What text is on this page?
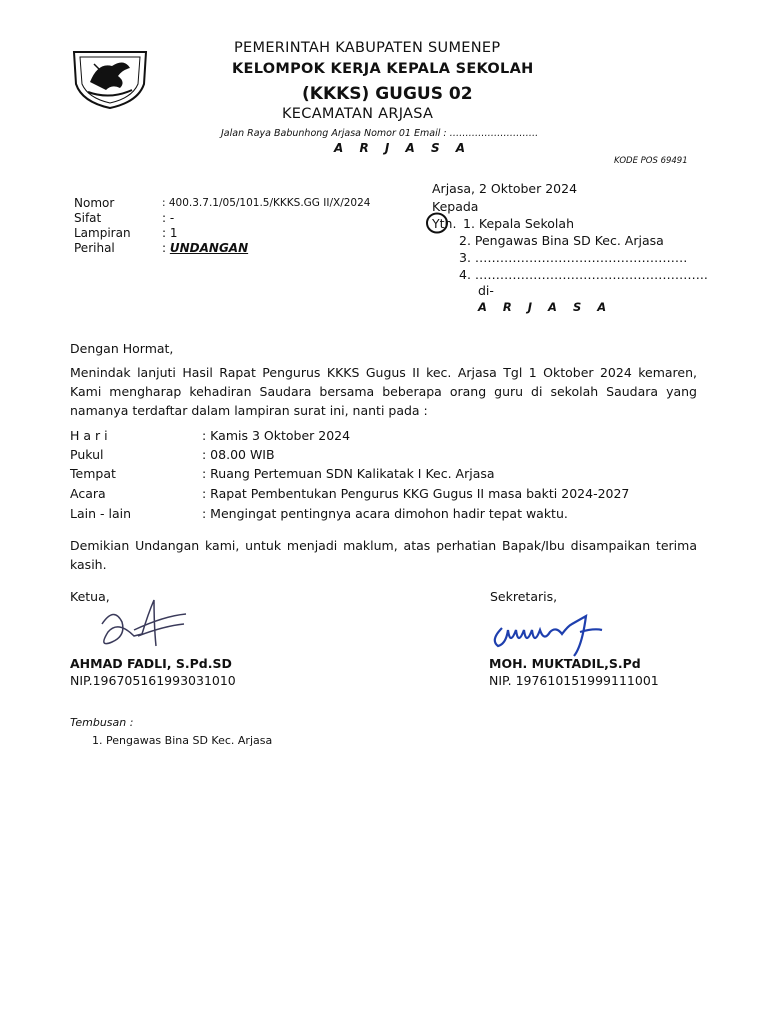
PEMERINTAH KABUPATEN SUMENEP
KELOMPOK KERJA KEPALA SEKOLAH
(KKKS) GUGUS 02
KECAMATAN ARJASA
Jalan Raya Babunhong Arjasa Nomor 01 Email : ……………………….
A R J A S A
KODE POS 69491
Arjasa, 2 Oktober 2024
Kepada
Yth. 1. Kepala Sekolah
2. Pengawas Bina SD Kec. Arjasa
3. ……………………………………………
4. ………………………………………………..
di-
A R J A S A
Nomor	: 400.3.7.1/05/101.5/KKKS.GG II/X/2024
Sifat	: -
Lampiran	: 1
Perihal	: UNDANGAN
Dengan Hormat,
Menindak lanjuti Hasil Rapat Pengurus KKKS Gugus II kec. Arjasa Tgl 1 Oktober 2024 kemaren, Kami mengharap kehadiran Saudara bersama beberapa orang guru di sekolah Saudara yang namanya terdaftar dalam lampiran surat ini, nanti pada :
H a r i	: Kamis 3 Oktober 2024
Pukul	: 08.00 WIB
Tempat	: Ruang Pertemuan SDN Kalikatak I Kec. Arjasa
Acara	: Rapat Pembentukan Pengurus KKG Gugus II masa bakti 2024-2027
Lain - lain	: Mengingat pentingnya acara dimohon hadir tepat waktu.
Demikian Undangan kami, untuk menjadi maklum, atas perhatian Bapak/Ibu disampaikan terima kasih.
Ketua,
AHMAD FADLI, S.Pd.SD
NIP.196705161993031010
Sekretaris,
MOH. MUKTADIL,S.Pd
NIP. 197610151999111001
Tembusan :
1. Pengawas Bina SD Kec. Arjasa
